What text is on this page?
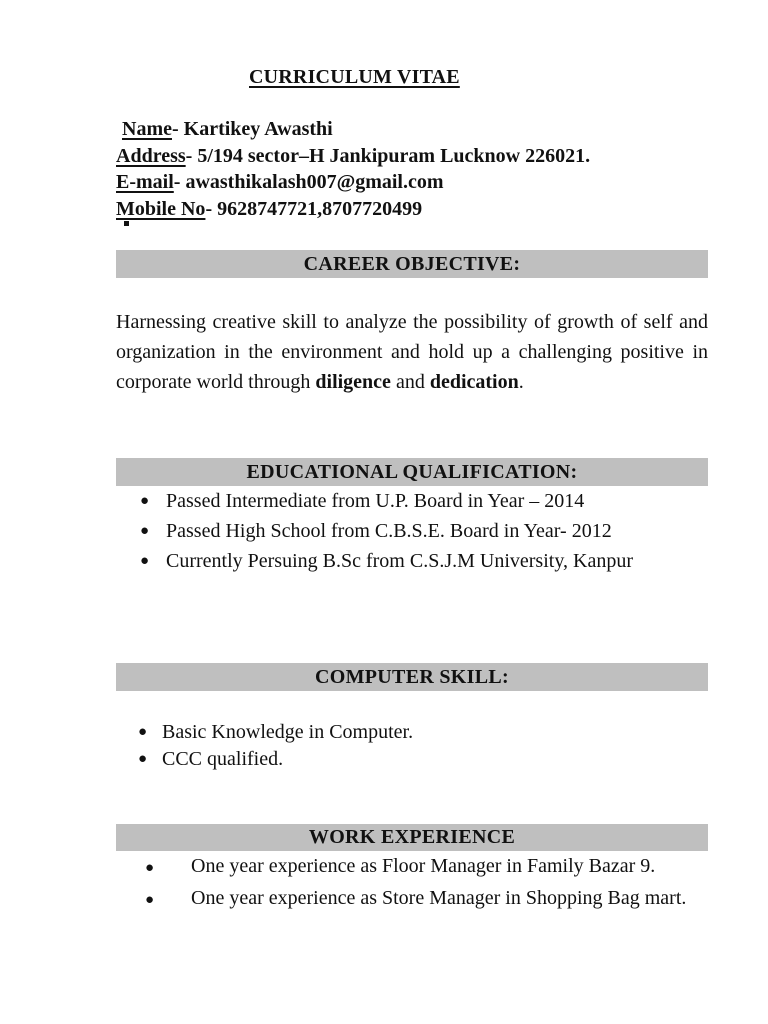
CURRICULUM VITAE
Name- Kartikey Awasthi
Address- 5/194 sector–H Jankipuram Lucknow 226021.
E-mail- awasthikalash007@gmail.com
Mobile No- 9628747721,8707720499
CAREER OBJECTIVE:
Harnessing creative skill to analyze the possibility of growth of self and organization in the environment and hold up a challenging positive in corporate world through diligence and dedication.
EDUCATIONAL QUALIFICATION:
● Passed Intermediate from U.P. Board in Year – 2014
● Passed High School from C.B.S.E. Board in Year- 2012
● Currently Persuing B.Sc from C.S.J.M University, Kanpur
COMPUTER SKILL:
● Basic Knowledge in Computer.
● CCC qualified.
WORK EXPERIENCE
● One year experience as Floor Manager in Family Bazar 9.
● One year experience as Store Manager in Shopping Bag mart.
